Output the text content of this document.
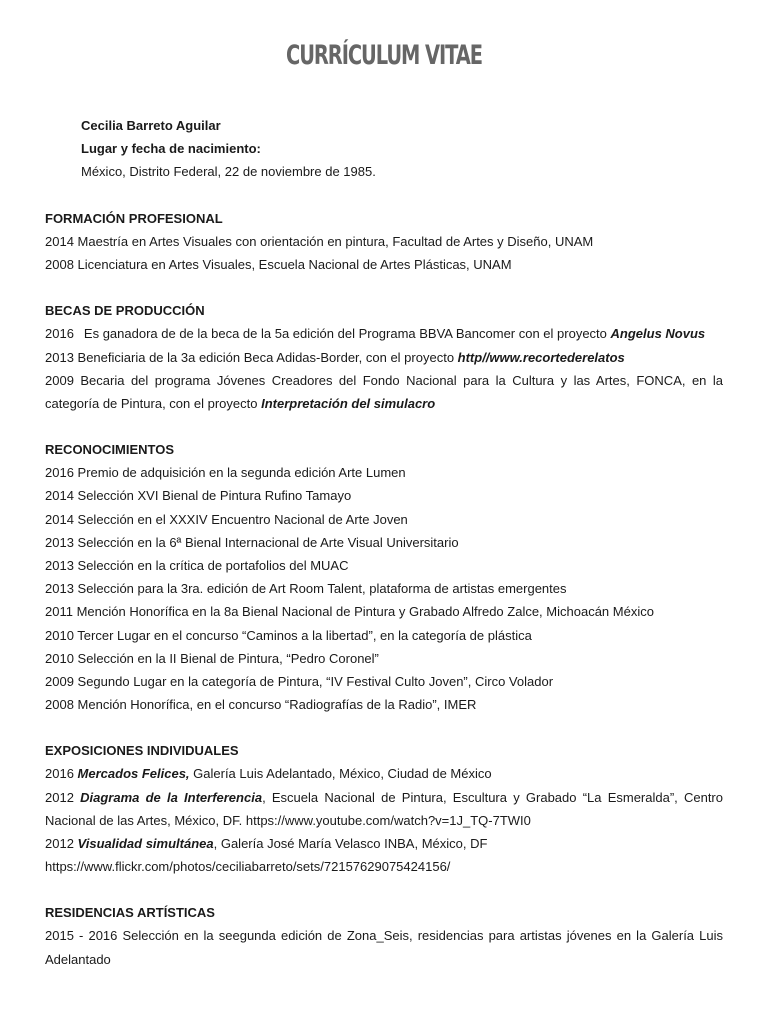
CURRÍCULUM VITAE

Cecilia Barreto Aguilar

Lugar y fecha de nacimiento:

México, Distrito Federal, 22 de noviembre de 1985.

FORMACIÓN PROFESIONAL

2014 Maestría en Artes Visuales con orientación en pintura, Facultad de Artes y Diseño, UNAM

2008 Licenciatura en Artes Visuales, Escuela Nacional de Artes Plásticas, UNAM

BECAS DE PRODUCCIÓN

2016 Es ganadora de de la beca de la 5a edición del Programa BBVA Bancomer con el proyecto Angelus Novus

2013 Beneficiaria de la 3a edición Beca Adidas-Border, con el proyecto http//www.recortederelatos

2009 Becaria del programa Jóvenes Creadores del Fondo Nacional para la Cultura y las Artes, FONCA, en la categoría de Pintura, con el proyecto Interpretación del simulacro

RECONOCIMIENTOS

2016 Premio de adquisición en la segunda edición Arte Lumen

2014 Selección XVI Bienal de Pintura Rufino Tamayo

2014 Selección en el XXXIV Encuentro Nacional de Arte Joven

2013 Selección en la 6ª Bienal Internacional de Arte Visual Universitario

2013 Selección en la crítica de portafolios del MUAC

2013 Selección para la 3ra. edición de Art Room Talent, plataforma de artistas emergentes

2011 Mención Honorífica en la 8a Bienal Nacional de Pintura y Grabado Alfredo Zalce, Michoacán México

2010 Tercer Lugar en el concurso “Caminos a la libertad”, en la categoría de plástica

2010 Selección en la II Bienal de Pintura, “Pedro Coronel”

2009 Segundo Lugar en la categoría de Pintura, “IV Festival Culto Joven”, Circo Volador

2008 Mención Honorífica, en el concurso “Radiografías de la Radio”, IMER

EXPOSICIONES INDIVIDUALES

2016 Mercados Felices, Galería Luis Adelantado, México, Ciudad de México

2012 Diagrama de la Interferencia, Escuela Nacional de Pintura, Escultura y Grabado “La Esmeralda”, Centro Nacional de las Artes, México, DF. https://www.youtube.com/watch?v=1J_TQ-7TWI0

2012 Visualidad simultánea, Galería José María Velasco INBA, México, DF

https://www.flickr.com/photos/ceciliabarreto/sets/72157629075424156/

RESIDENCIAS ARTÍSTICAS

2015 - 2016 Selección en la seegunda edición de Zona_Seis, residencias para artistas jóvenes en la Galería Luis Adelantado
